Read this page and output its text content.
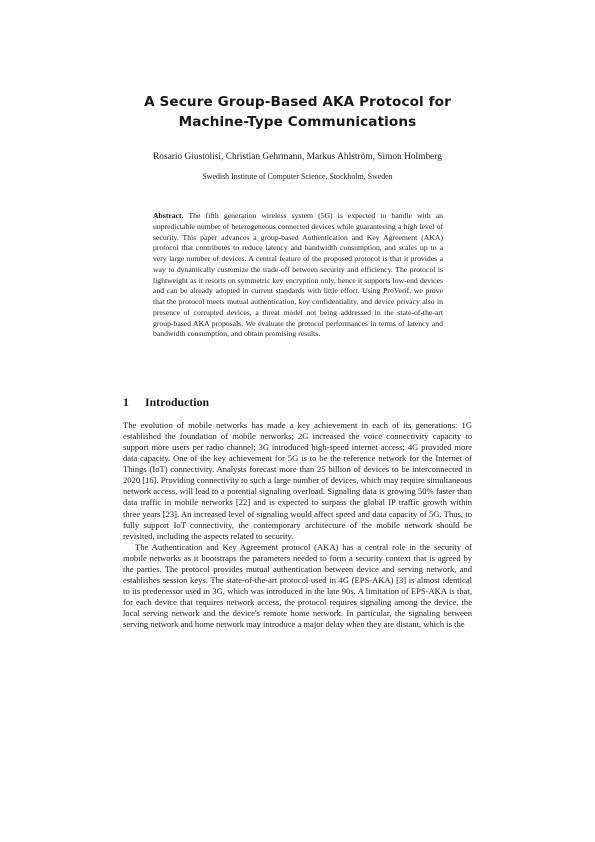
A Secure Group-Based AKA Protocol for
Machine-Type Communications
Rosario Giustolisi, Christian Gehrmann, Markus Ahlström, Simon Holmberg
Swedish Institute of Computer Science, Stockholm, Sweden
Abstract. The fifth generation wireless system (5G) is expected to handle with an unpredictable number of heterogeneous connected devices while guaranteeing a high level of security. This paper advances a group-based Authentication and Key Agreement (AKA) protocol that contributes to reduce latency and bandwidth consumption, and scales up to a very large number of devices. A central feature of the proposed protocol is that it provides a way to dynamically customize the trade-off between security and efficiency. The protocol is lightweight as it resorts on symmetric key encryption only, hence it supports low-end devices and can be already adopted in current standards with little effort. Using ProVerif, we prove that the protocol meets mutual authentication, key confidentiality, and device privacy also in presence of corrupted devices, a threat model not being addressed in the state-of-the-art group-based AKA proposals. We evaluate the protocol performances in terms of latency and bandwidth consumption, and obtain promising results.
1 Introduction

The evolution of mobile networks has made a key achievement in each of its generations: 1G established the foundation of mobile networks; 2G increased the voice connectivity capacity to support more users per radio channel; 3G introduced high-speed internet access; 4G provided more data capacity. One of the key achievement for 5G is to be the reference network for the Internet of Things (IoT) connectivity. Analysts forecast more than 25 billion of devices to be interconnected in 2020 [16]. Providing connectivity to such a large number of devices, which may require simultaneous network access, will lead to a potential signaling overload. Signaling data is growing 50% faster than data traffic in mobile networks [22] and is expected to surpass the global IP traffic growth within three years [23]. An increased level of signaling would affect speed and data capacity of 5G. Thus, to fully support IoT connectivity, the contemporary architecture of the mobile network should be revisited, including the aspects related to security.

The Authentication and Key Agreement protocol (AKA) has a central role in the security of mobile networks as it bootstraps the parameters needed to form a security context that is agreed by the parties. The protocol provides mutual authentication between device and serving network, and establishes session keys. The state-of-the-art protocol used in 4G (EPS-AKA) [3] is almost identical to its predecessor used in 3G, which was introduced in the late 90s. A limitation of EPS-AKA is that, for each device that requires network access, the protocol requires signaling among the device, the local serving network and the device's remote home network. In particular, the signaling between serving network and home network may introduce a major delay when they are distant, which is the
